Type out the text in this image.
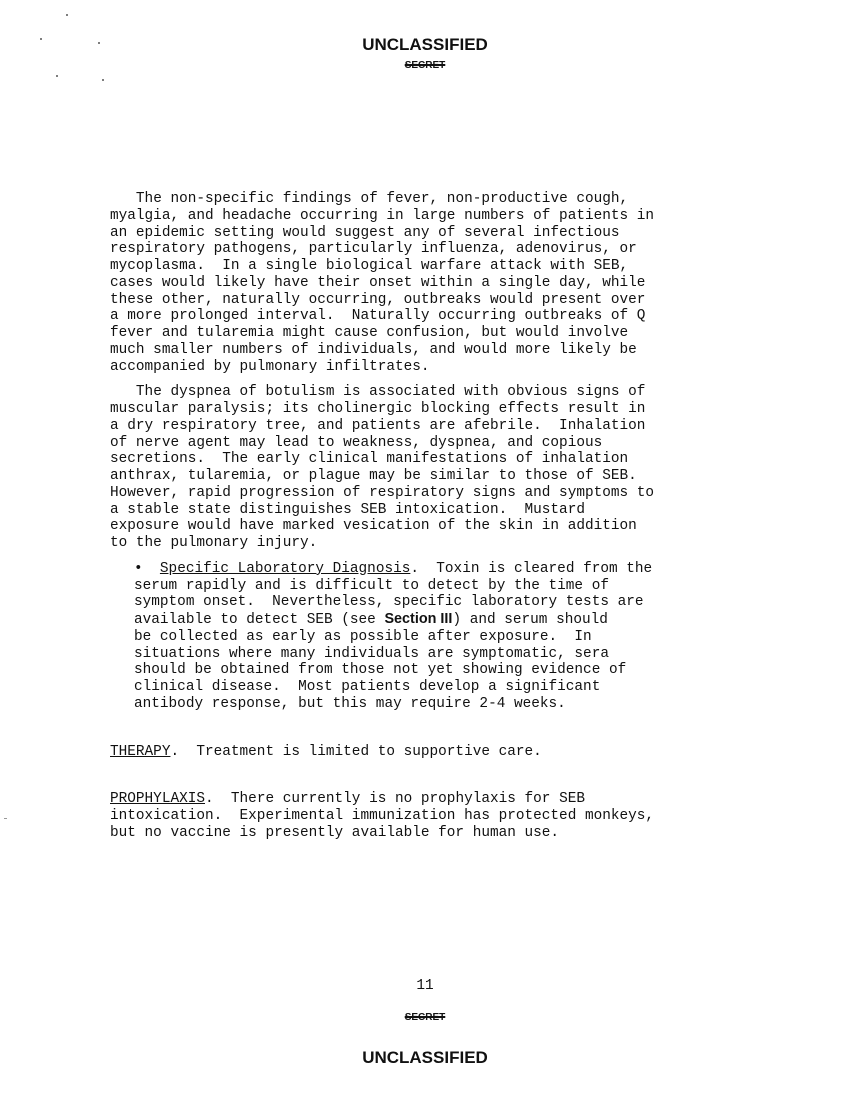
UNCLASSIFIED
SECRET
The non-specific findings of fever, non-productive cough,
myalgia, and headache occurring in large numbers of patients in
an epidemic setting would suggest any of several infectious
respiratory pathogens, particularly influenza, adenovirus, or
mycoplasma.  In a single biological warfare attack with SEB,
cases would likely have their onset within a single day, while
these other, naturally occurring, outbreaks would present over
a more prolonged interval.  Naturally occurring outbreaks of Q
fever and tularemia might cause confusion, but would involve
much smaller numbers of individuals, and would more likely be
accompanied by pulmonary infiltrates.
The dyspnea of botulism is associated with obvious signs of
muscular paralysis; its cholinergic blocking effects result in
a dry respiratory tree, and patients are afebrile.  Inhalation
of nerve agent may lead to weakness, dyspnea, and copious
secretions.  The early clinical manifestations of inhalation
anthrax, tularemia, or plague may be similar to those of SEB.
However, rapid progression of respiratory signs and symptoms to
a stable state distinguishes SEB intoxication.  Mustard
exposure would have marked vesication of the skin in addition
to the pulmonary injury.
• Specific Laboratory Diagnosis.  Toxin is cleared from the
serum rapidly and is difficult to detect by the time of
symptom onset.  Nevertheless, specific laboratory tests are
available to detect SEB (see Section III) and serum should
be collected as early as possible after exposure.  In
situations where many individuals are symptomatic, sera
should be obtained from those not yet showing evidence of
clinical disease.  Most patients develop a significant
antibody response, but this may require 2-4 weeks.
THERAPY.  Treatment is limited to supportive care.
PROPHYLAXIS.  There currently is no prophylaxis for SEB
intoxication.  Experimental immunization has protected monkeys,
but no vaccine is presently available for human use.
11
SECRET
UNCLASSIFIED
